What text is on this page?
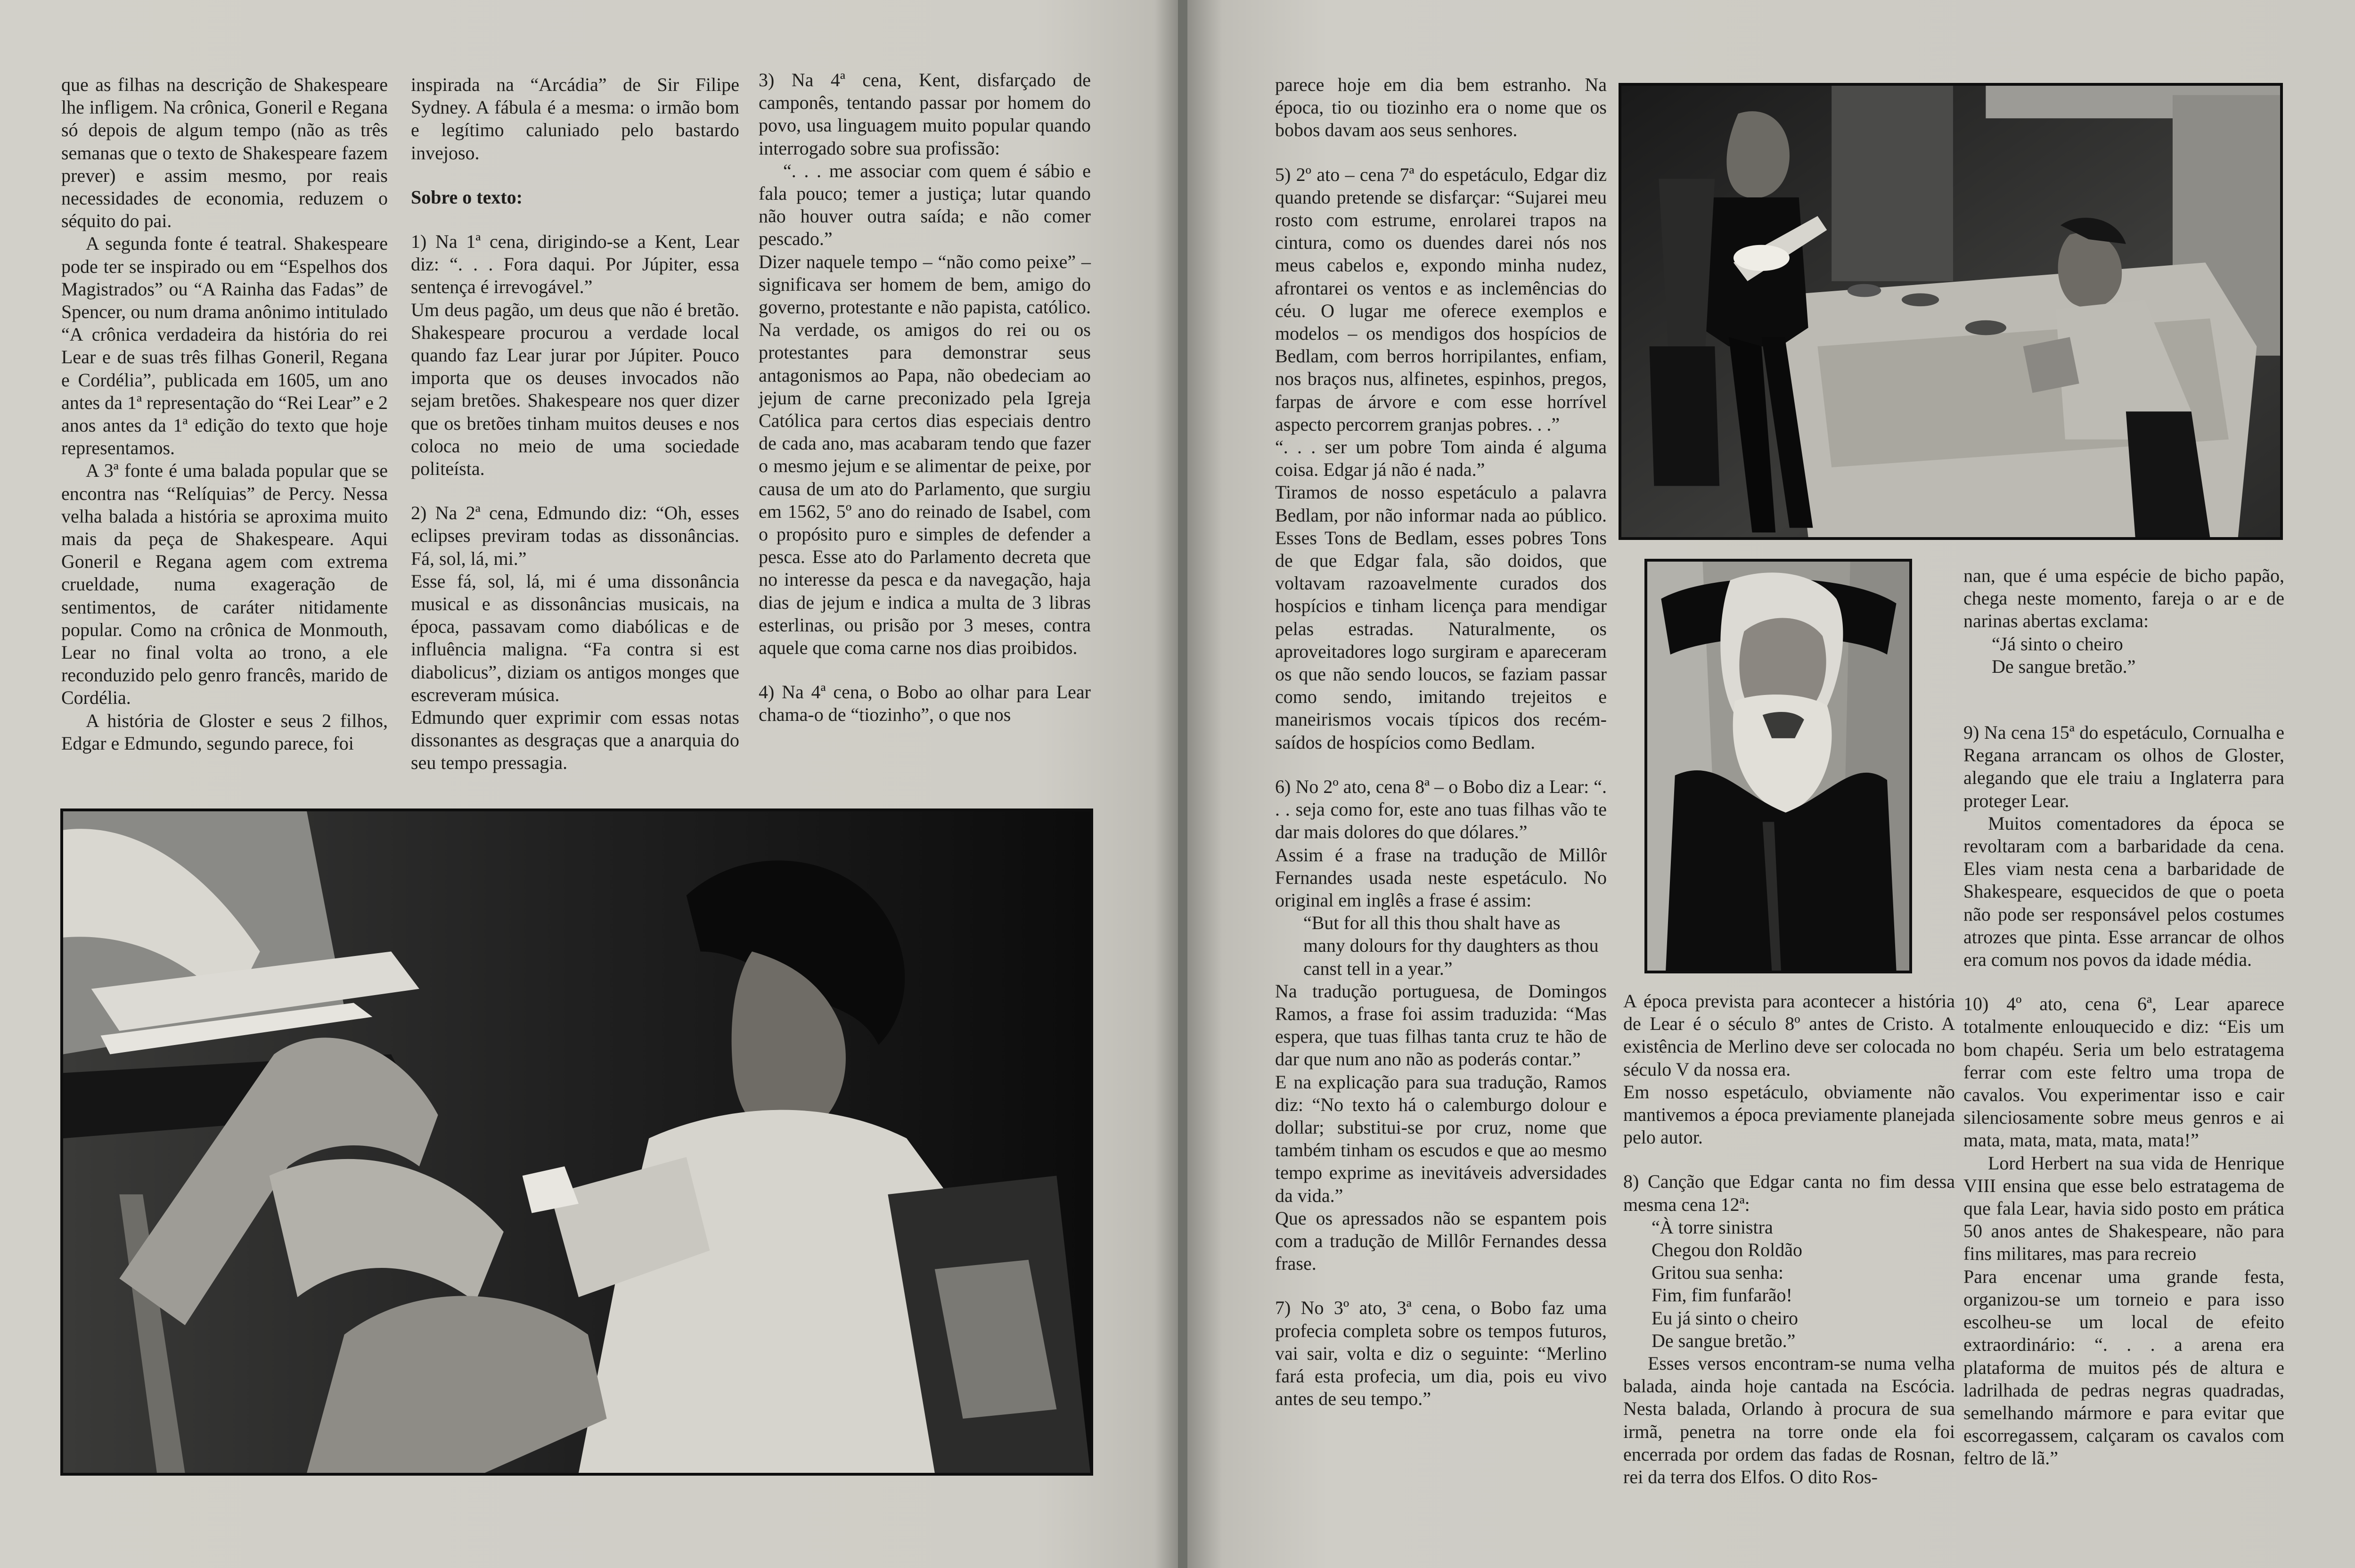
que as filhas na descrição de Shakespeare lhe infligem. Na crônica, Goneril e Regana só depois de algum tempo (não as três semanas que o texto de Shakespeare fazem prever) e assim mesmo, por reais necessidades de economia, reduzem o séquito do pai.

A segunda fonte é teatral. Shakespeare pode ter se inspirado ou em “Espelhos dos Magistrados” ou “A Rainha das Fadas” de Spencer, ou num drama anônimo intitulado “A crônica verdadeira da história do rei Lear e de suas três filhas Goneril, Regana e Cordélia”, publicada em 1605, um ano antes da 1ª representação do “Rei Lear” e 2 anos antes da 1ª edição do texto que hoje representamos.

A 3ª fonte é uma balada popular que se encontra nas “Relíquias” de Percy. Nessa velha balada a história se aproxima muito mais da peça de Shakespeare. Aqui Goneril e Regana agem com extrema crueldade, numa exageração de sentimentos, de caráter nitidamente popular. Como na crônica de Monmouth, Lear no final volta ao trono, a ele reconduzido pelo genro francês, marido de Cordélia.

A história de Gloster e seus 2 filhos, Edgar e Edmundo, segundo parece, foi

inspirada na “Arcádia” de Sir Filipe Sydney. A fábula é a mesma: o irmão bom e legítimo caluniado pelo bastardo invejoso.

Sobre o texto:

1) Na 1ª cena, dirigindo-se a Kent, Lear diz: “. . . Fora daqui. Por Júpiter, essa sentença é irrevogável.”

Um deus pagão, um deus que não é bretão. Shakespeare procurou a verdade local quando faz Lear jurar por Júpiter. Pouco importa que os deuses invocados não sejam bretões. Shakespeare nos quer dizer que os bretões tinham muitos deuses e nos coloca no meio de uma sociedade politeísta.

2) Na 2ª cena, Edmundo diz: “Oh, esses eclipses previram todas as dissonâncias. Fá, sol, lá, mi.”

Esse fá, sol, lá, mi é uma dissonância musical e as dissonâncias musicais, na época, passavam como diabólicas e de influência maligna. “Fa contra si est diabolicus”, diziam os antigos monges que escreveram música.

Edmundo quer exprimir com essas notas dissonantes as desgraças que a anarquia do seu tempo pressagia.

3) Na 4ª cena, Kent, disfarçado de camponês, tentando passar por homem do povo, usa linguagem muito popular quando interrogado sobre sua profissão:

“. . . me associar com quem é sábio e fala pouco; temer a justiça; lutar quando não houver outra saída; e não comer pescado.”

Dizer naquele tempo – “não como peixe” – significava ser homem de bem, amigo do governo, protestante e não papista, católico. Na verdade, os amigos do rei ou os protestantes para demonstrar seus antagonismos ao Papa, não obedeciam ao jejum de carne preconizado pela Igreja Católica para certos dias especiais dentro de cada ano, mas acabaram tendo que fazer o mesmo jejum e se alimentar de peixe, por causa de um ato do Parlamento, que surgiu em 1562, 5º ano do reinado de Isabel, com o propósito puro e simples de defender a pesca. Esse ato do Parlamento decreta que no interesse da pesca e da navegação, haja dias de jejum e indica a multa de 3 libras esterlinas, ou prisão por 3 meses, contra aquele que coma carne nos dias proibidos.

4) Na 4ª cena, o Bobo ao olhar para Lear chama-o de “tiozinho”, o que nos

parece hoje em dia bem estranho. Na época, tio ou tiozinho era o nome que os bobos davam aos seus senhores.

5) 2º ato – cena 7ª do espetáculo, Edgar diz quando pretende se disfarçar: “Sujarei meu rosto com estrume, enrolarei trapos na cintura, como os duendes darei nós nos meus cabelos e, expondo minha nudez, afrontarei os ventos e as inclemências do céu. O lugar me oferece exemplos e modelos – os mendigos dos hospícios de Bedlam, com berros horripilantes, enfiam, nos braços nus, alfinetes, espinhos, pregos, farpas de árvore e com esse horrível aspecto percorrem granjas pobres. . .”

“. . . ser um pobre Tom ainda é alguma coisa. Edgar já não é nada.”

Tiramos de nosso espetáculo a palavra Bedlam, por não informar nada ao público. Esses Tons de Bedlam, esses pobres Tons de que Edgar fala, são doidos, que voltavam razoavelmente curados dos hospícios e tinham licença para mendigar pelas estradas. Naturalmente, os aproveitadores logo surgiram e apareceram os que não sendo loucos, se faziam passar como sendo, imitando trejeitos e maneirismos vocais típicos dos recém-saídos de hospícios como Bedlam.

6) No 2º ato, cena 8ª – o Bobo diz a Lear: “. . . seja como for, este ano tuas filhas vão te dar mais dolores do que dólares.”

Assim é a frase na tradução de Millôr Fernandes usada neste espetáculo. No original em inglês a frase é assim:

“But for all this thou shalt have as many dolours for thy daughters as thou canst tell in a year.”

Na tradução portuguesa, de Domingos Ramos, a frase foi assim traduzida: “Mas espera, que tuas filhas tanta cruz te hão de dar que num ano não as poderás contar.”

E na explicação para sua tradução, Ramos diz: “No texto há o calemburgo dolour e dollar; substitui-se por cruz, nome que também tinham os escudos e que ao mesmo tempo exprime as inevitáveis adversidades da vida.”

Que os apressados não se espantem pois com a tradução de Millôr Fernandes dessa frase.

7) No 3º ato, 3ª cena, o Bobo faz uma profecia completa sobre os tempos futuros, vai sair, volta e diz o seguinte: “Merlino fará esta profecia, um dia, pois eu vivo antes de seu tempo.”

A época prevista para acontecer a história de Lear é o século 8º antes de Cristo. A existência de Merlino deve ser colocada no século V da nossa era.

Em nosso espetáculo, obviamente não mantivemos a época previamente planejada pelo autor.

8) Canção que Edgar canta no fim dessa mesma cena 12ª:

“À torre sinistra

Chegou don Roldão

Gritou sua senha:

Fim, fim funfarão!

Eu já sinto o cheiro

De sangue bretão.”

Esses versos encontram-se numa velha balada, ainda hoje cantada na Escócia. Nesta balada, Orlando à procura de sua irmã, penetra na torre onde ela foi encerrada por ordem das fadas de Rosnan, rei da terra dos Elfos. O dito Ros-

nan, que é uma espécie de bicho papão, chega neste momento, fareja o ar e de narinas abertas exclama:

“Já sinto o cheiro

De sangue bretão.”

9) Na cena 15ª do espetáculo, Cornualha e Regana arrancam os olhos de Gloster, alegando que ele traiu a Inglaterra para proteger Lear.

Muitos comentadores da época se revoltaram com a barbaridade da cena. Eles viam nesta cena a barbaridade de Shakespeare, esquecidos de que o poeta não pode ser responsável pelos costumes atrozes que pinta. Esse arrancar de olhos era comum nos povos da idade média.

10) 4º ato, cena 6ª, Lear aparece totalmente enlouquecido e diz: “Eis um bom chapéu. Seria um belo estratagema ferrar com este feltro uma tropa de cavalos. Vou experimentar isso e cair silenciosamente sobre meus genros e ai mata, mata, mata, mata, mata!”

Lord Herbert na sua vida de Henrique VIII ensina que esse belo estratagema de que fala Lear, havia sido posto em prática 50 anos antes de Shakespeare, não para fins militares, mas para recreio

Para encenar uma grande festa, organizou-se um torneio e para isso escolheu-se um local de efeito extraordinário: “. . . a arena era plataforma de muitos pés de altura e ladrilhada de pedras negras quadradas, semelhando mármore e para evitar que escorregassem, calçaram os cavalos com feltro de lã.”
